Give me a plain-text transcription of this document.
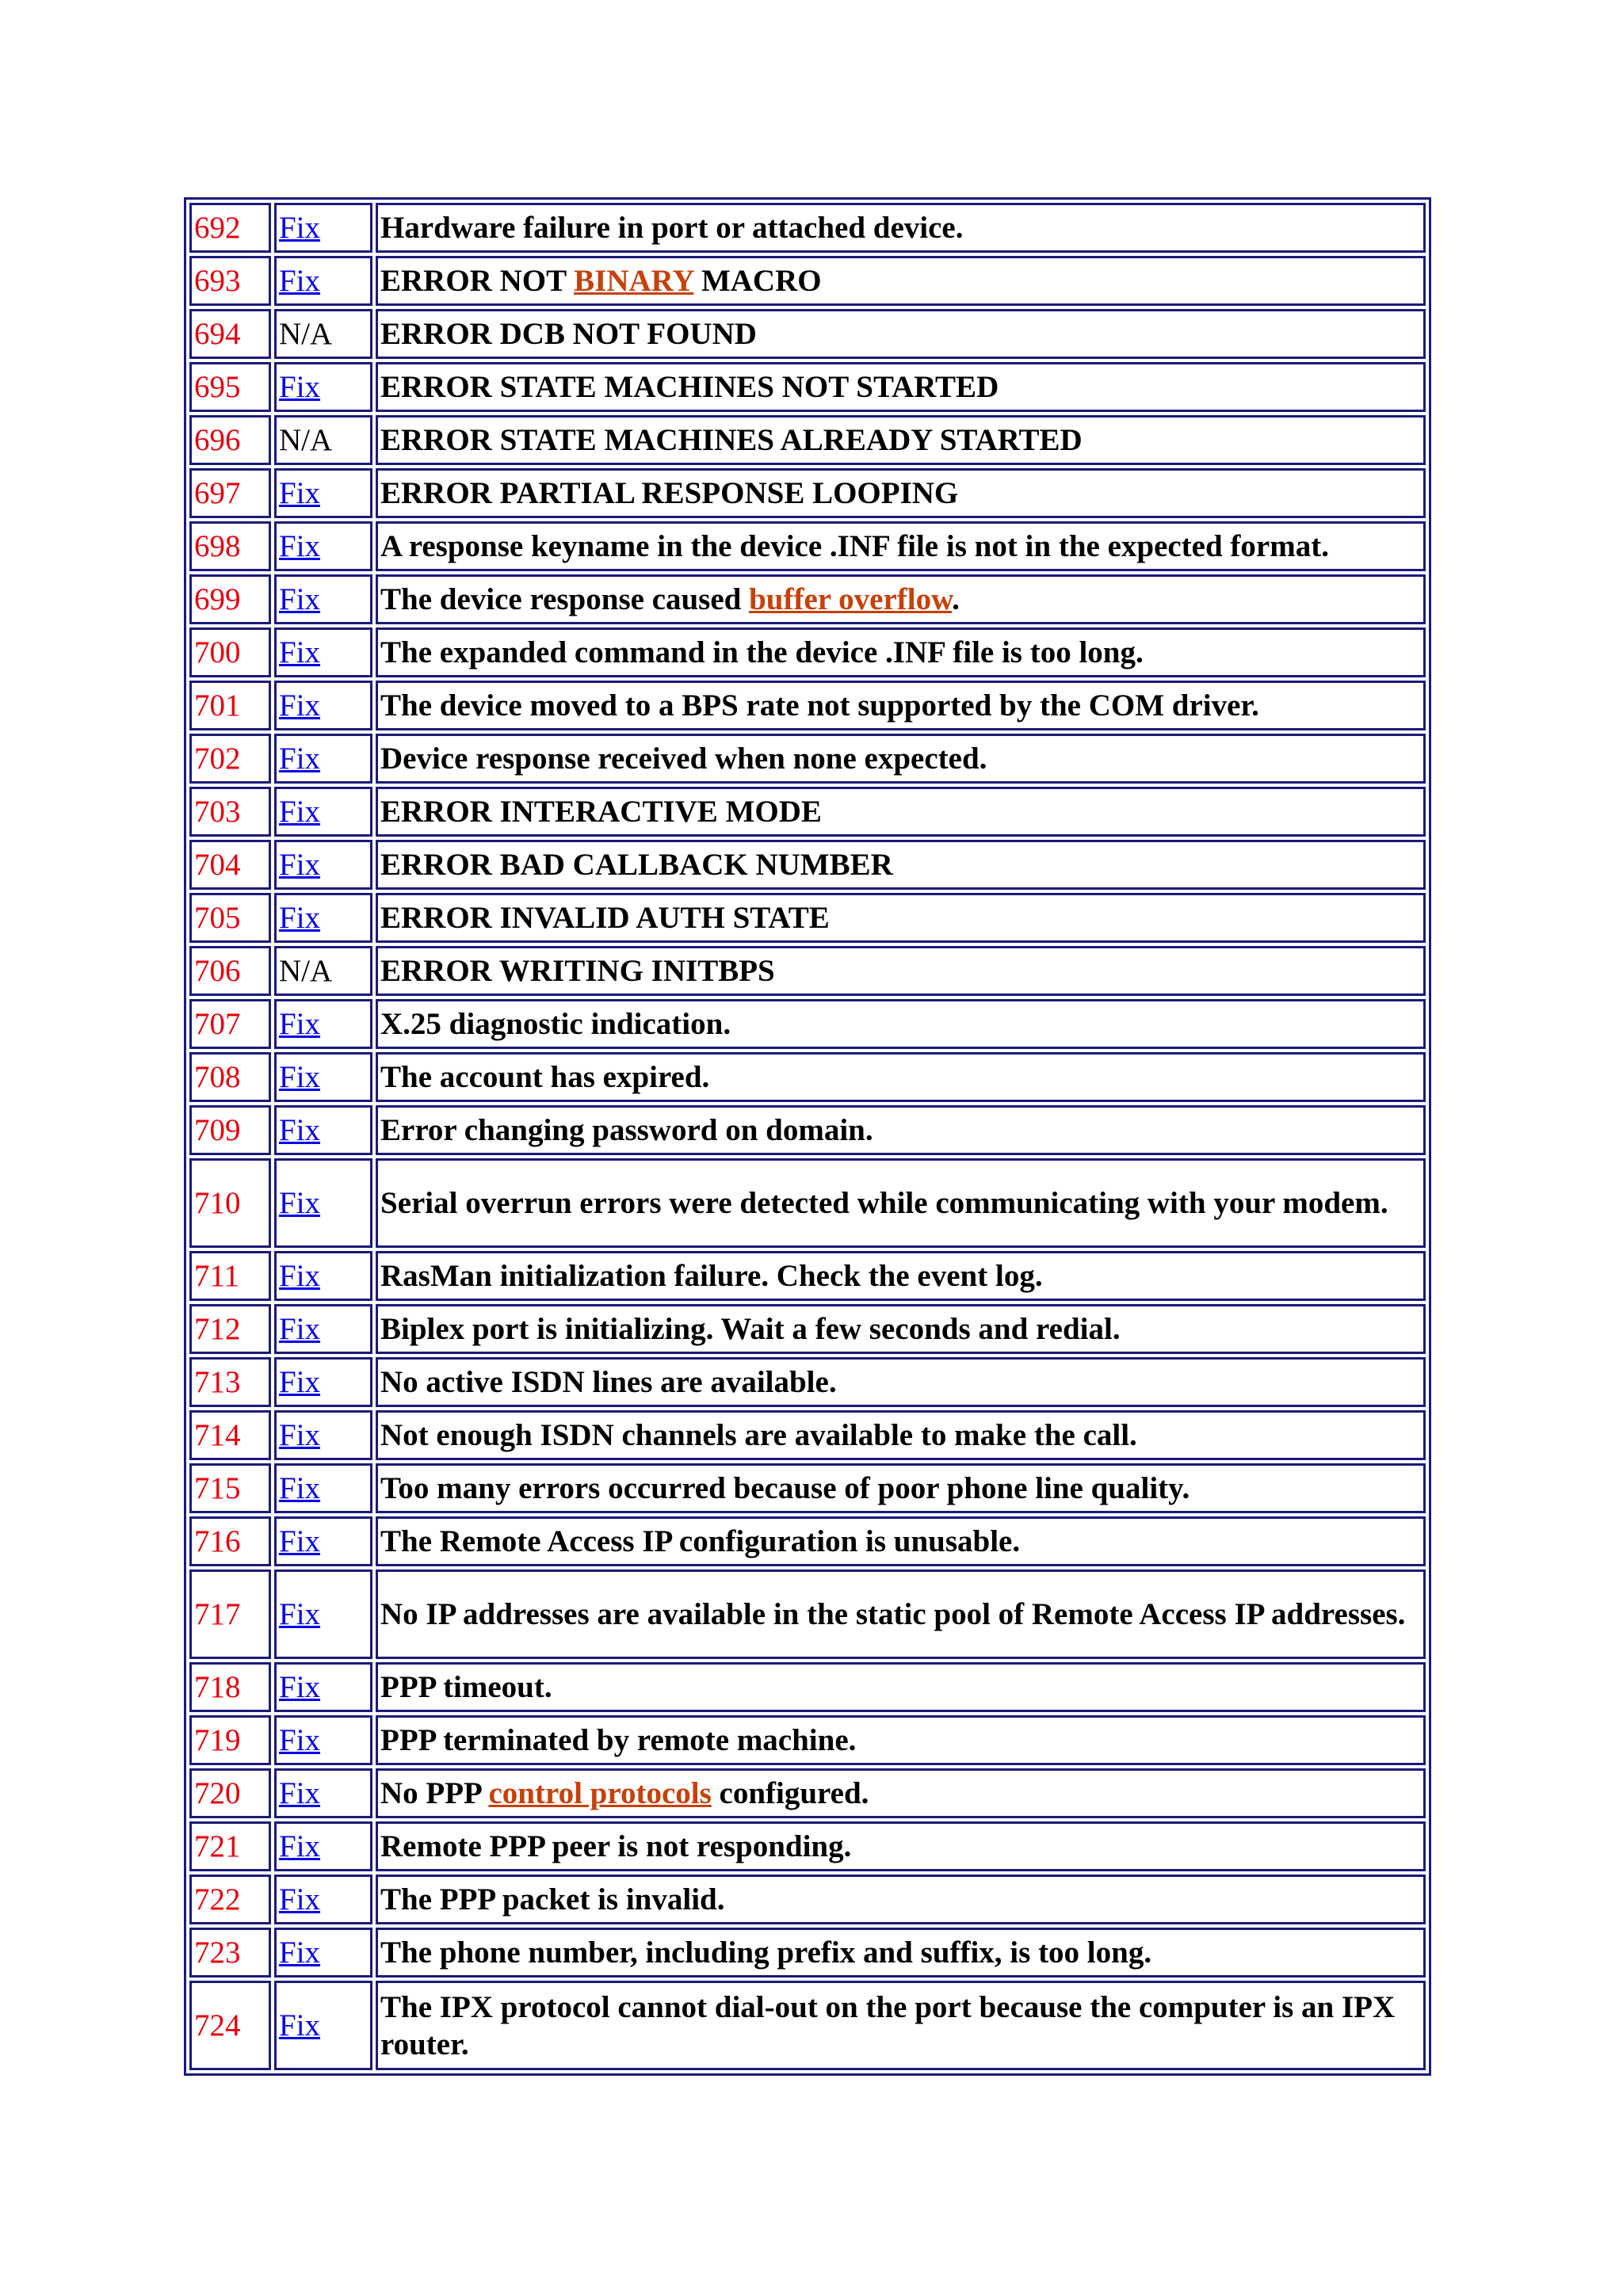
692	Fix	Hardware failure in port or attached device.
693	Fix	ERROR NOT BINARY MACRO
694	N/A	ERROR DCB NOT FOUND
695	Fix	ERROR STATE MACHINES NOT STARTED
696	N/A	ERROR STATE MACHINES ALREADY STARTED
697	Fix	ERROR PARTIAL RESPONSE LOOPING
698	Fix	A response keyname in the device .INF file is not in the expected format.
699	Fix	The device response caused buffer overflow.
700	Fix	The expanded command in the device .INF file is too long.
701	Fix	The device moved to a BPS rate not supported by the COM driver.
702	Fix	Device response received when none expected.
703	Fix	ERROR INTERACTIVE MODE
704	Fix	ERROR BAD CALLBACK NUMBER
705	Fix	ERROR INVALID AUTH STATE
706	N/A	ERROR WRITING INITBPS
707	Fix	X.25 diagnostic indication.
708	Fix	The account has expired.
709	Fix	Error changing password on domain.
710	Fix	Serial overrun errors were detected while communicating with your modem.
711	Fix	RasMan initialization failure. Check the event log.
712	Fix	Biplex port is initializing. Wait a few seconds and redial.
713	Fix	No active ISDN lines are available.
714	Fix	Not enough ISDN channels are available to make the call.
715	Fix	Too many errors occurred because of poor phone line quality.
716	Fix	The Remote Access IP configuration is unusable.
717	Fix	No IP addresses are available in the static pool of Remote Access IP addresses.
718	Fix	PPP timeout.
719	Fix	PPP terminated by remote machine.
720	Fix	No PPP control protocols configured.
721	Fix	Remote PPP peer is not responding.
722	Fix	The PPP packet is invalid.
723	Fix	The phone number, including prefix and suffix, is too long.
724	Fix	The IPX protocol cannot dial-out on the port because the computer is an IPX router.
